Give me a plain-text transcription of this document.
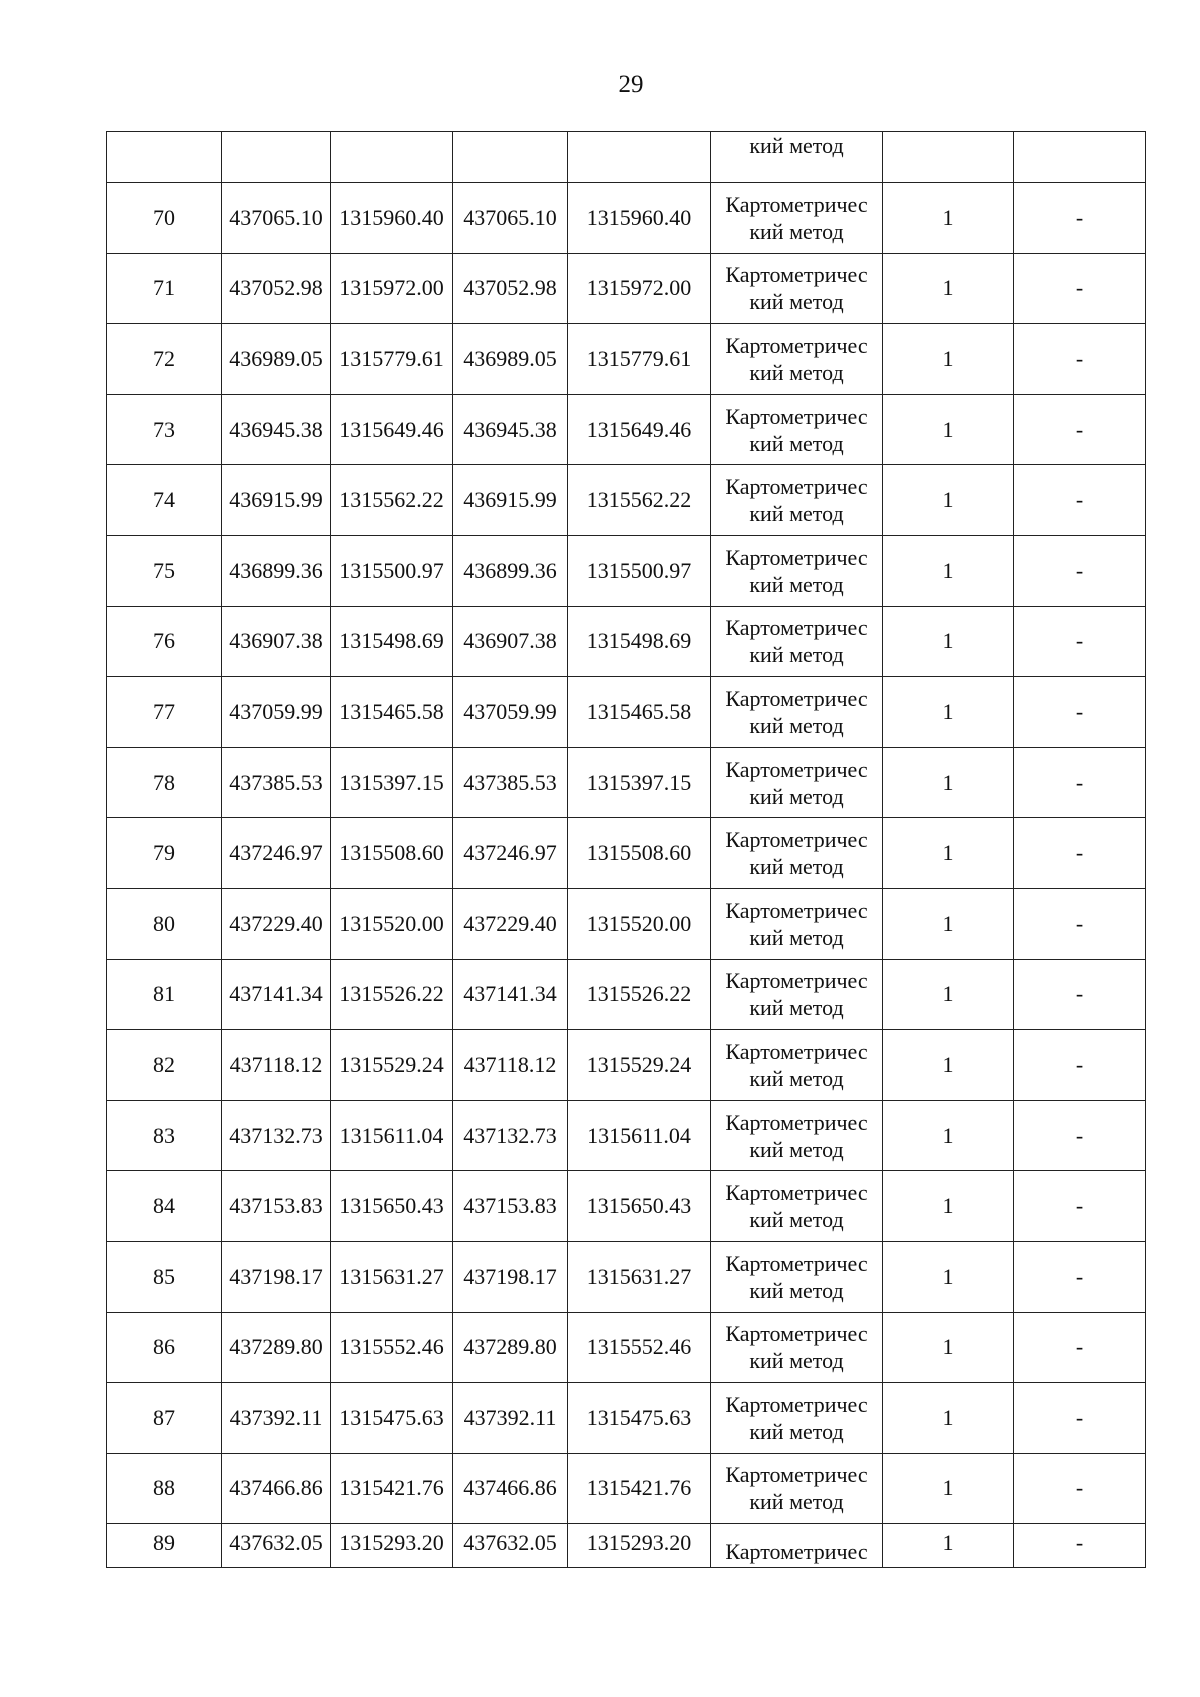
29

					кий метод		

70	437065.10	1315960.40	437065.10	1315960.40	Картометричес
кий метод	1	-
71	437052.98	1315972.00	437052.98	1315972.00	Картометричес
кий метод	1	-
72	436989.05	1315779.61	436989.05	1315779.61	Картометричес
кий метод	1	-
73	436945.38	1315649.46	436945.38	1315649.46	Картометричес
кий метод	1	-
74	436915.99	1315562.22	436915.99	1315562.22	Картометричес
кий метод	1	-
75	436899.36	1315500.97	436899.36	1315500.97	Картометричес
кий метод	1	-
76	436907.38	1315498.69	436907.38	1315498.69	Картометричес
кий метод	1	-
77	437059.99	1315465.58	437059.99	1315465.58	Картометричес
кий метод	1	-
78	437385.53	1315397.15	437385.53	1315397.15	Картометричес
кий метод	1	-
79	437246.97	1315508.60	437246.97	1315508.60	Картометричес
кий метод	1	-
80	437229.40	1315520.00	437229.40	1315520.00	Картометричес
кий метод	1	-
81	437141.34	1315526.22	437141.34	1315526.22	Картометричес
кий метод	1	-
82	437118.12	1315529.24	437118.12	1315529.24	Картометричес
кий метод	1	-
83	437132.73	1315611.04	437132.73	1315611.04	Картометричес
кий метод	1	-
84	437153.83	1315650.43	437153.83	1315650.43	Картометричес
кий метод	1	-
85	437198.17	1315631.27	437198.17	1315631.27	Картометричес
кий метод	1	-
86	437289.80	1315552.46	437289.80	1315552.46	Картометричес
кий метод	1	-
87	437392.11	1315475.63	437392.11	1315475.63	Картометричес
кий метод	1	-
88	437466.86	1315421.76	437466.86	1315421.76	Картометричес
кий метод	1	-
89	437632.05	1315293.20	437632.05	1315293.20	Картометричес	1	-
